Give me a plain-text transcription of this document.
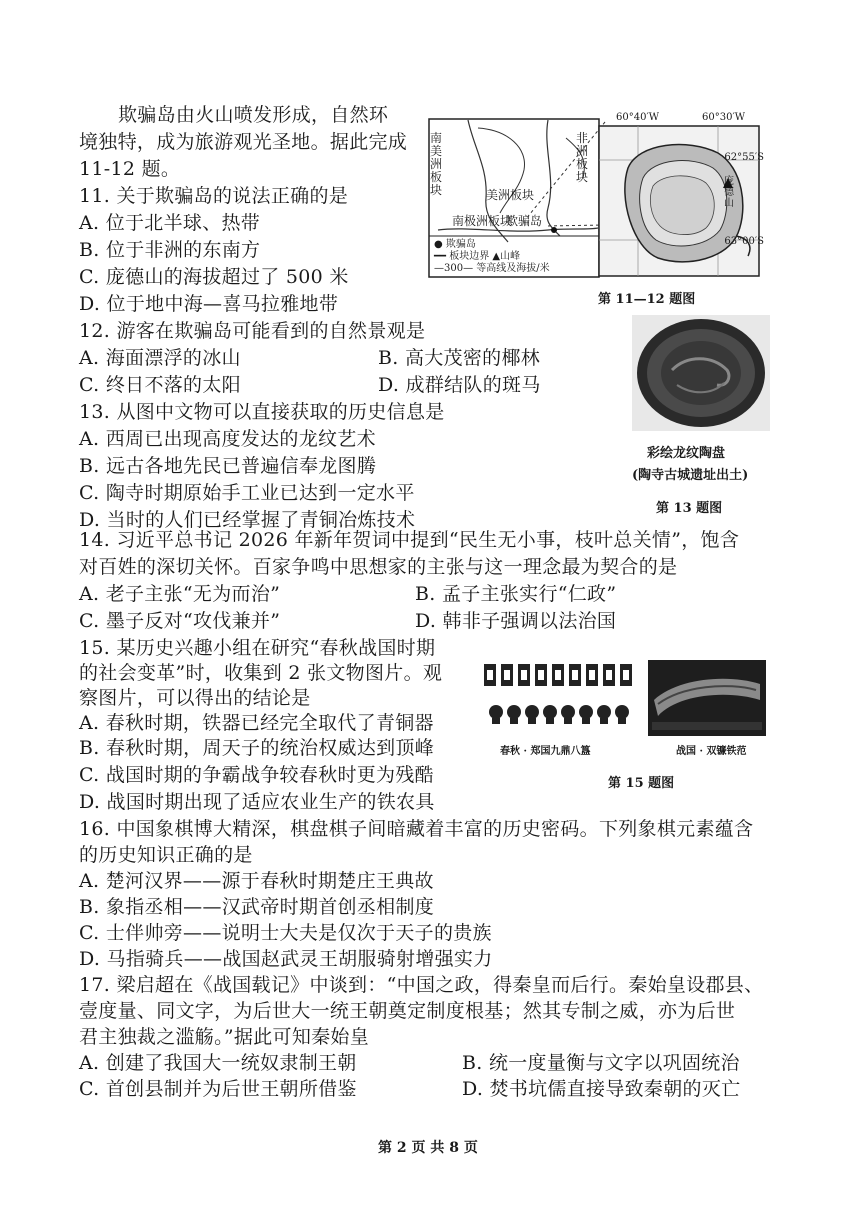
欺骗岛由火山喷发形成，自然环
境独特，成为旅游观光圣地。据此完成
11-12 题。
11. 关于欺骗岛的说法正确的是
A. 位于北半球、热带
B. 位于非洲的东南方
C. 庞德山的海拔超过了 500 米
D. 位于地中海—喜马拉雅地带
12. 游客在欺骗岛可能看到的自然景观是
A. 海面漂浮的冰山	B. 高大茂密的椰林
C. 终日不落的太阳	D. 成群结队的斑马
13. 从图中文物可以直接获取的历史信息是
A. 西周已出现高度发达的龙纹艺术
B. 远古各地先民已普遍信奉龙图腾
C. 陶寺时期原始手工业已达到一定水平
D. 当时的人们已经掌握了青铜冶炼技术
14. 习近平总书记 2026 年新年贺词中提到“民生无小事，枝叶总关情”，饱含
对百姓的深切关怀。百家争鸣中思想家的主张与这一理念最为契合的是
A. 老子主张“无为而治”	B. 孟子主张实行“仁政”
C. 墨子反对“攻伐兼并”	D. 韩非子强调以法治国
15. 某历史兴趣小组在研究“春秋战国时期
的社会变革”时，收集到 2 张文物图片。观
察图片，可以得出的结论是
A. 春秋时期，铁器已经完全取代了青铜器
B. 春秋时期，周天子的统治权威达到顶峰
C. 战国时期的争霸战争较春秋时更为残酷
D. 战国时期出现了适应农业生产的铁农具
16. 中国象棋博大精深，棋盘棋子间暗藏着丰富的历史密码。下列象棋元素蕴含
的历史知识正确的是
A. 楚河汉界——源于春秋时期楚庄王典故
B. 象指丞相——汉武帝时期首创丞相制度
C. 士伴帅旁——说明士大夫是仅次于天子的贵族
D. 马指骑兵——战国赵武灵王胡服骑射增强实力
17. 梁启超在《战国载记》中谈到：“中国之政，得秦皇而后行。秦始皇设郡县、
壹度量、同文字，为后世大一统王朝奠定制度根基；然其专制之威，亦为后世
君主独裁之滥觞。”据此可知秦始皇
A. 创建了我国大一统奴隶制王朝	B. 统一度量衡与文字以巩固统治
C. 首创县制并为后世王朝所借鉴	D. 焚书坑儒直接导致秦朝的灭亡
南美洲板块	美洲板块
非洲板块
南极洲板块
欺骗岛
● 欺骗岛
━━ 板块边界 ▲山峰
—300— 等高线及海拔/米
60°40′W	60°30′W
62°55′S
63°00′S
庞德山
第 11—12 题图
彩绘龙纹陶盘
(陶寺古城遗址出土)
第 13 题图
春秋 · 郑国九鼎八簋	战国 · 双镰铁范
第 15 题图
第 2 页 共 8 页
